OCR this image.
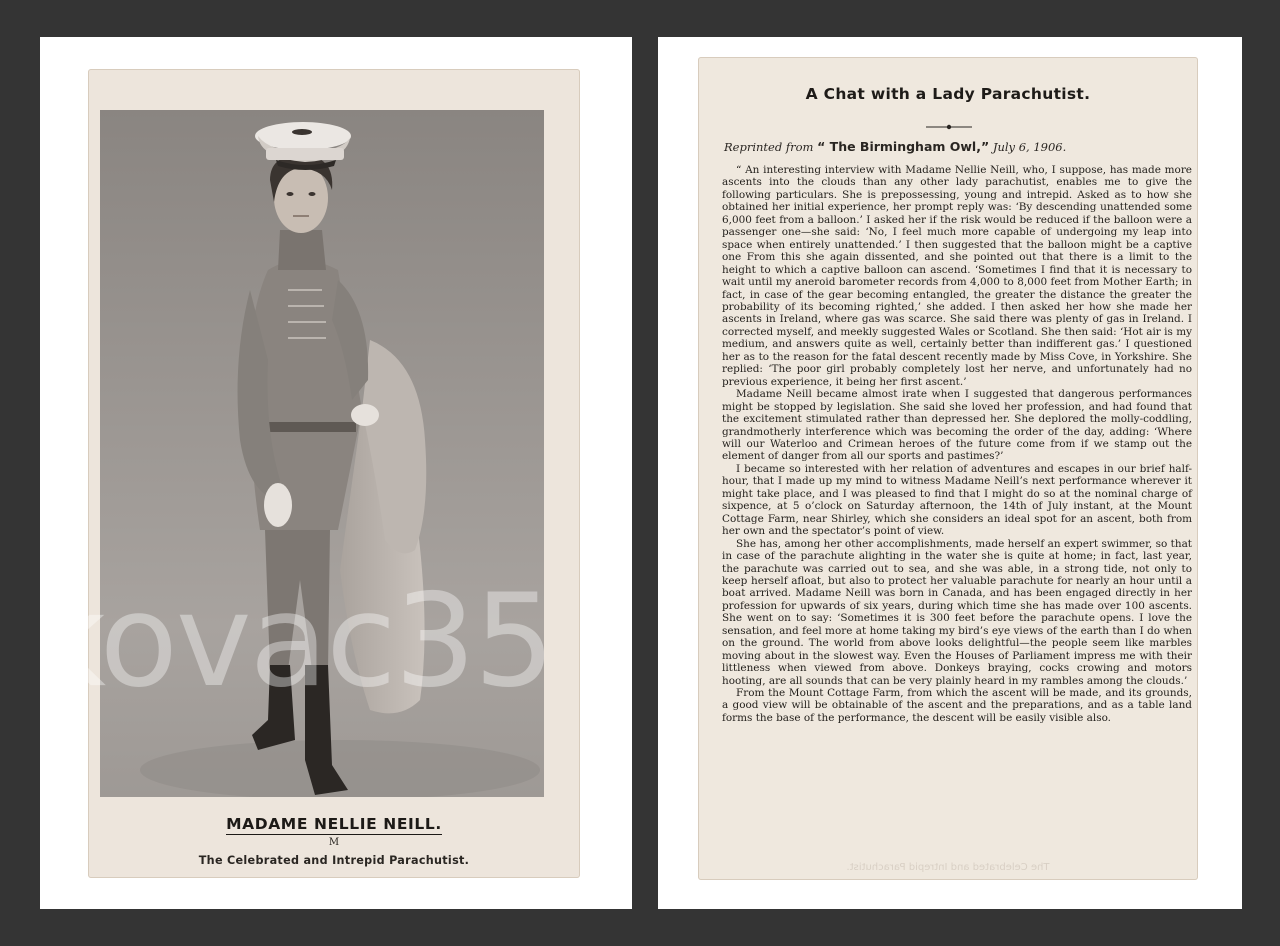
MADAME NELLIE NEILL.
M
The Celebrated and Intrepid Parachutist.
A Chat with a Lady Parachutist.
Reprinted from “ The Birmingham Owl,” July 6, 1906.

“ An interesting interview with Madame Nellie Neill, who, I suppose, has made more ascents into the clouds than any other lady parachutist, enables me to give the following particulars. She is prepossessing, young and intrepid. Asked as to how she obtained her initial experience, her prompt reply was: ‘By descending unattended some 6,000 feet from a balloon.’ I asked her if the risk would be reduced if the balloon were a passenger one—she said: ‘No, I feel much more capable of undergoing my leap into space when entirely unattended.’ I then suggested that the balloon might be a captive one From this she again dissented, and she pointed out that there is a limit to the height to which a captive balloon can ascend. ‘Sometimes I find that it is necessary to wait until my aneroid barometer records from 4,000 to 8,000 feet from Mother Earth; in fact, in case of the gear becoming entangled, the greater the distance the greater the probability of its becoming righted,’ she added. I then asked her how she made her ascents in Ireland, where gas was scarce. She said there was plenty of gas in Ireland. I corrected myself, and meekly suggested Wales or Scotland. She then said: ‘Hot air is my medium, and answers quite as well, certainly better than indifferent gas.’ I questioned her as to the reason for the fatal descent recently made by Miss Cove, in Yorkshire. She replied: ‘The poor girl probably completely lost her nerve, and unfortunately had no previous experience, it being her first ascent.’

Madame Neill became almost irate when I suggested that dangerous performances might be stopped by legislation. She said she loved her profession, and had found that the excitement stimulated rather than depressed her. She deplored the molly-coddling, grandmotherly interference which was becoming the order of the day, adding: ‘Where will our Waterloo and Crimean heroes of the future come from if we stamp out the element of danger from all our sports and pastimes?’

I became so interested with her relation of adventures and escapes in our brief half-hour, that I made up my mind to witness Madame Neill’s next performance wherever it might take place, and I was pleased to find that I might do so at the nominal charge of sixpence, at 5 o’clock on Saturday afternoon, the 14th of July instant, at the Mount Cottage Farm, near Shirley, which she considers an ideal spot for an ascent, both from her own and the spectator’s point of view.

She has, among her other accomplishments, made herself an expert swimmer, so that in case of the parachute alighting in the water she is quite at home; in fact, last year, the parachute was carried out to sea, and she was able, in a strong tide, not only to keep herself afloat, but also to protect her valuable parachute for nearly an hour until a boat arrived. Madame Neill was born in Canada, and has been engaged directly in her profession for upwards of six years, during which time she has made over 100 ascents. She went on to say: ‘Sometimes it is 300 feet before the parachute opens. I love the sensation, and feel more at home taking my bird’s eye views of the earth than I do when on the ground. The world from above looks delightful—the people seem like marbles moving about in the slowest way. Even the Houses of Parliament impress me with their littleness when viewed from above. Donkeys braying, cocks crowing and motors hooting, are all sounds that can be very plainly heard in my rambles among the clouds.’

From the Mount Cottage Farm, from which the ascent will be made, and its grounds, a good view will be obtainable of the ascent and the preparations, and as a table land forms the base of the performance, the descent will be easily visible also.

The Celebrated and Intrepid Parachutist.
kovac35
